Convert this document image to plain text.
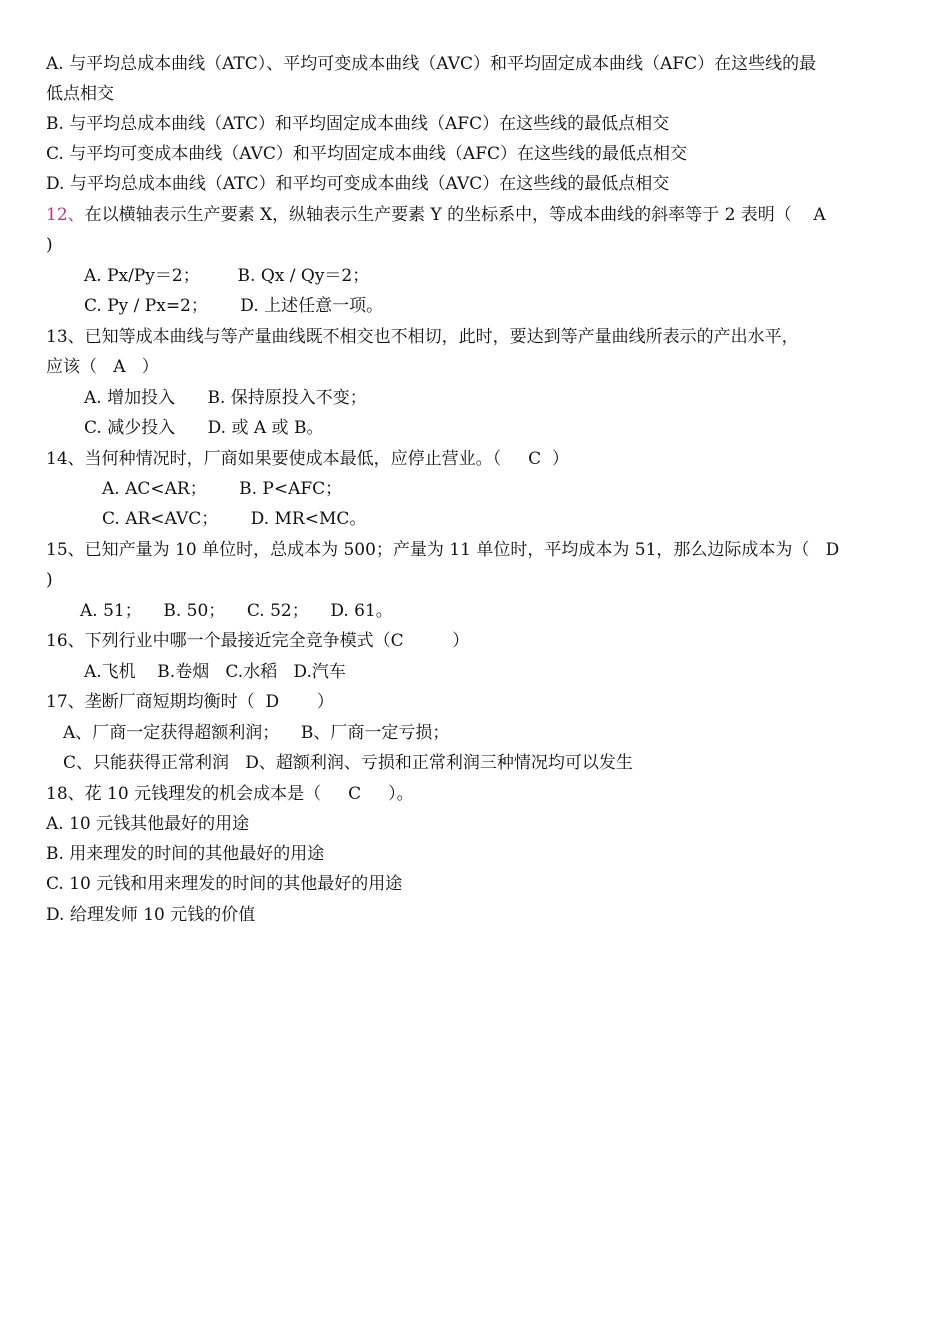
A. 与平均总成本曲线（ATC）、平均可变成本曲线（AVC）和平均固定成本曲线（AFC）在这些线的最
低点相交
B. 与平均总成本曲线（ATC）和平均固定成本曲线（AFC）在这些线的最低点相交
C. 与平均可变成本曲线（AVC）和平均固定成本曲线（AFC）在这些线的最低点相交
D. 与平均总成本曲线（ATC）和平均可变成本曲线（AVC）在这些线的最低点相交
12、在以横轴表示生产要素 X，纵轴表示生产要素 Y 的坐标系中，等成本曲线的斜率等于 2 表明（    A
)
A. Px/Py＝2；       B. Qx / Qy＝2；
C. Py / Px=2；      D. 上述任意一项。
13、已知等成本曲线与等产量曲线既不相交也不相切，此时，要达到等产量曲线所表示的产出水平，
应该（   A   ）
A. 增加投入      B. 保持原投入不变；
C. 减少投入      D. 或 A 或 B。
14、当何种情况时，厂商如果要使成本最低，应停止营业。（     C  ）
A. AC<AR；      B. P<AFC；
C. AR<AVC；      D. MR<MC。
15、已知产量为 10 单位时，总成本为 500；产量为 11 单位时，平均成本为 51，那么边际成本为（   D
)
A. 51；    B. 50；    C. 52；    D. 61。
16、下列行业中哪一个最接近完全竞争模式（C         ）
A.飞机    B.卷烟   C.水稻   D.汽车
17、垄断厂商短期均衡时（  D       ）
A、厂商一定获得超额利润；    B、厂商一定亏损；
C、只能获得正常利润   D、超额利润、亏损和正常利润三种情况均可以发生
18、花 10 元钱理发的机会成本是（     C     ）。
A. 10 元钱其他最好的用途
B. 用来理发的时间的其他最好的用途
C. 10 元钱和用来理发的时间的其他最好的用途
D. 给理发师 10 元钱的价值
